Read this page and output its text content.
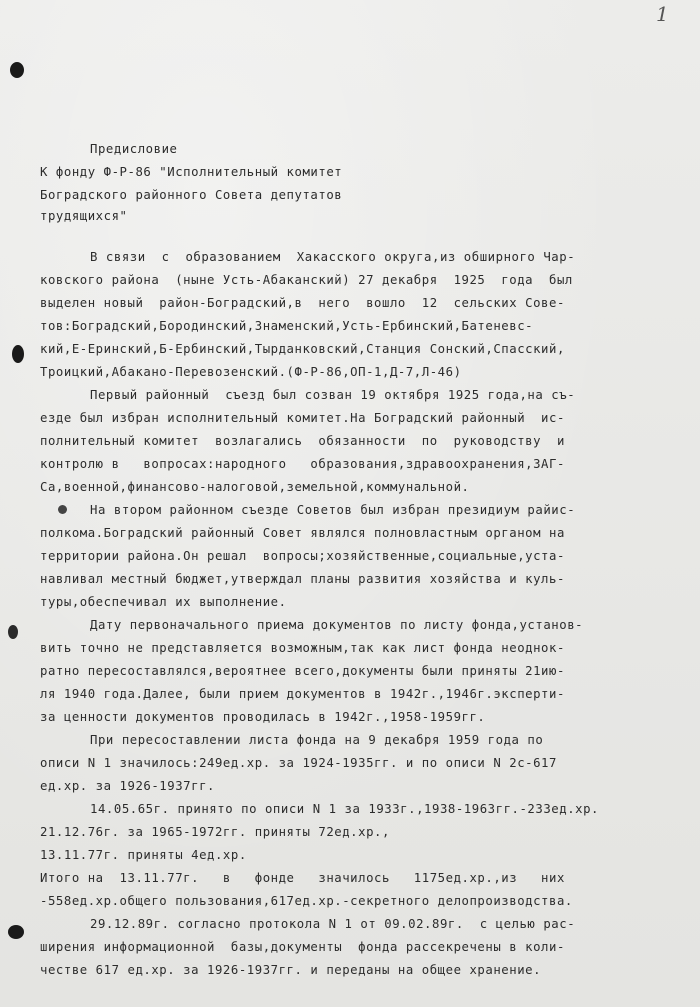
1
Предисловие
К фонду Ф-Р-86 "Исполнительный комитет
Боградского районного Совета депутатов
трудящихся"
В связи  с  образованием  Хакасского округа,из обширного Чар-
ковского района  (ныне Усть-Абаканский) 27 декабря  1925  года  был
выделен новый  район-Боградский,в  него  вошло  12  сельских Сове-
тов:Боградский,Бородинский,Знаменский,Усть-Ербинский,Батеневс-
кий,Е-Еринский,Б-Ербинский,Тырданковский,Станция Сонский,Спасский,
Троицкий,Абакано-Перевозенский.(Ф-Р-86,ОП-1,Д-7,Л-46)
Первый районный  съезд был созван 19 октября 1925 года,на съ-
езде был избран исполнительный комитет.На Боградский районный  ис-
полнительный комитет  возлагались  обязанности  по  руководству  и
контролю в   вопросах:народного   образования,здравоохранения,ЗАГ-
Са,военной,финансово-налоговой,земельной,коммунальной.
На втором районном съезде Советов был избран президиум райис-
полкома.Боградский районный Совет являлся полновластным органом на
территории района.Он решал  вопросы;хозяйственные,социальные,уста-
навливал местный бюджет,утверждал планы развития хозяйства и куль-
туры,обеспечивал их выполнение.
Дату первоначального приема документов по листу фонда,установ-
вить точно не представляется возможным,так как лист фонда неоднок-
ратно пересоставлялся,вероятнее всего,документы были приняты 21ию-
ля 1940 года.Далее, были прием документов в 1942г.,1946г.эксперти-
за ценности документов проводилась в 1942г.,1958-1959гг.
При пересоставлении листа фонда на 9 декабря 1959 года по
описи N 1 значилось:249ед.хр. за 1924-1935гг. и по описи N 2с-617
ед.хр. за 1926-1937гг.
14.05.65г. принято по описи N 1 за 1933г.,1938-1963гг.-233ед.хр.
21.12.76г. за 1965-1972гг. приняты 72ед.хр.,
13.11.77г. приняты 4ед.хр.
Итого на  13.11.77г.   в   фонде   значилось   1175ед.хр.,из   них
-558ед.хр.общего пользования,617ед.хр.-секретного делопроизводства.
29.12.89г. согласно протокола N 1 от 09.02.89г.  с целью рас-
ширения информационной  базы,документы  фонда рассекречены в коли-
честве 617 ед.хр. за 1926-1937гг. и переданы на общее хранение.
